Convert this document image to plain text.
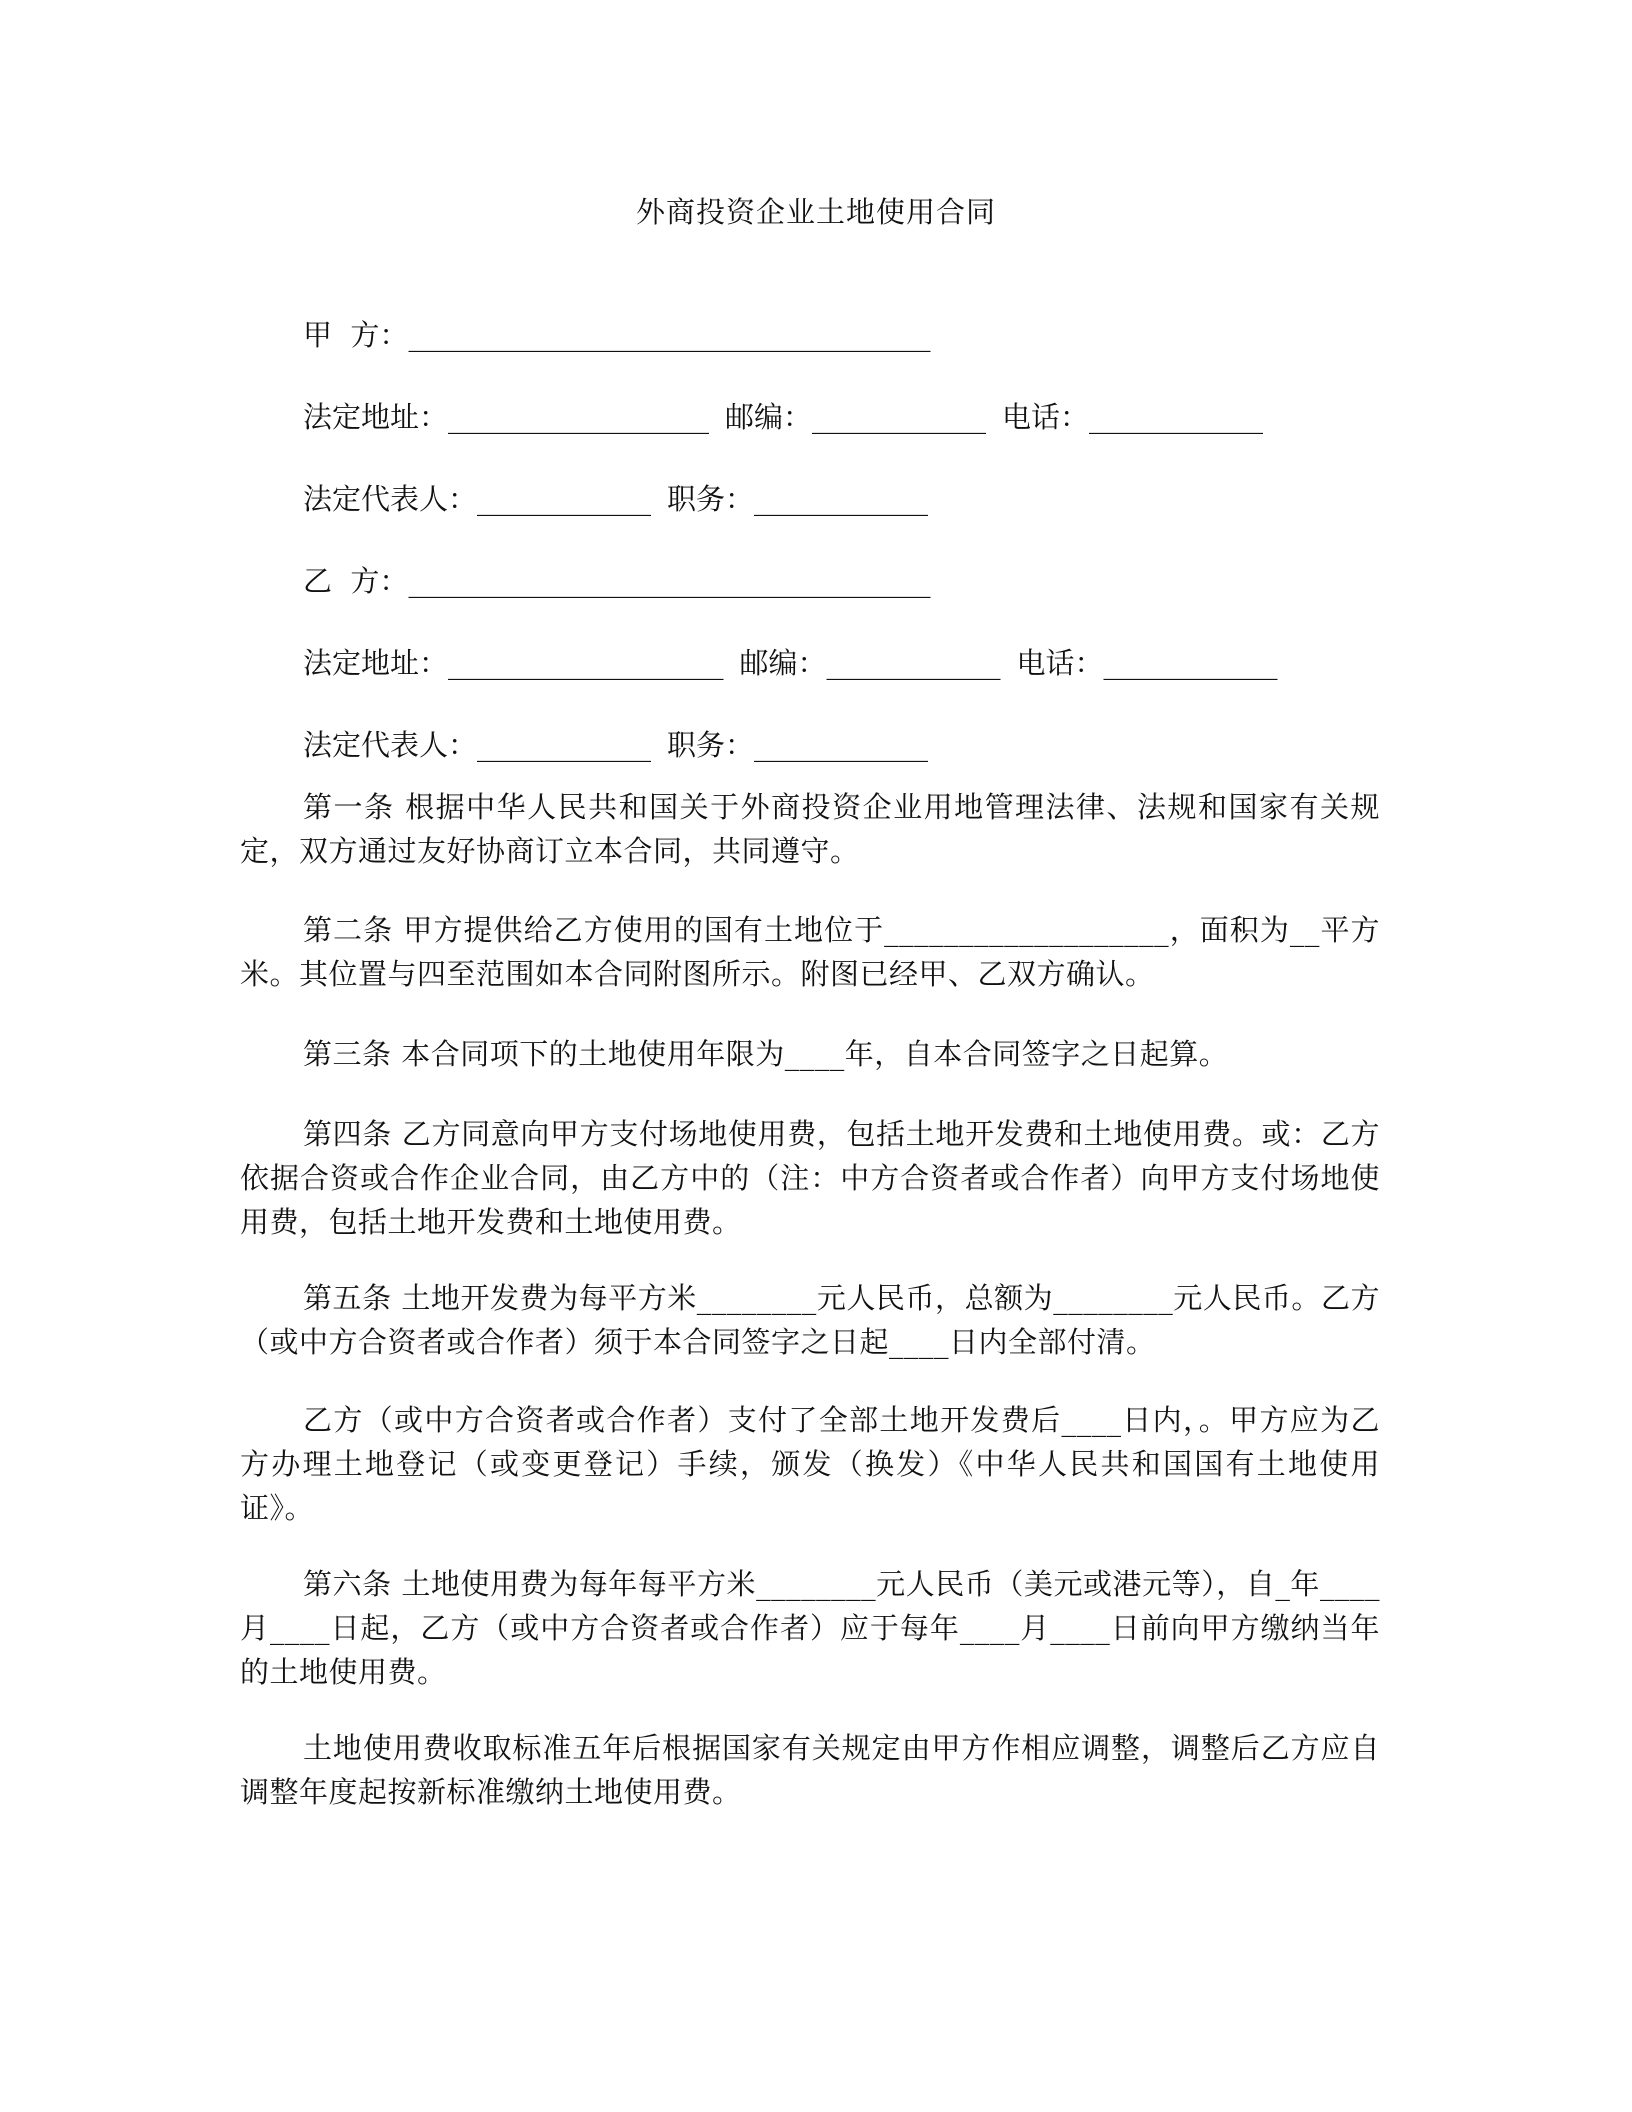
外商投资企业土地使用合同
甲  方：____________________________________
法定地址：__________________ 邮编：____________ 电话：____________
法定代表人：____________ 职务：____________
乙  方：____________________________________
法定地址：___________________ 邮编：____________ 电话：____________
法定代表人：____________ 职务：____________

第一条 根据中华人民共和国关于外商投资企业用地管理法律、法规和国家有关规定，双方通过友好协商订立本合同，共同遵守。

第二条 甲方提供给乙方使用的国有土地位于___________________，面积为__平方米。其位置与四至范围如本合同附图所示。附图已经甲、乙双方确认。

第三条 本合同项下的土地使用年限为____年，自本合同签字之日起算。

第四条 乙方同意向甲方支付场地使用费，包括土地开发费和土地使用费。或：乙方依据合资或合作企业合同，由乙方中的（注：中方合资者或合作者）向甲方支付场地使用费，包括土地开发费和土地使用费。

第五条 土地开发费为每平方米________元人民币，总额为________元人民币。乙方（或中方合资者或合作者）须于本合同签字之日起____日内全部付清。

乙方（或中方合资者或合作者）支付了全部土地开发费后____日内，。甲方应为乙方办理土地登记（或变更登记）手续，颁发（换发）《中华人民共和国国有土地使用证》。

第六条 土地使用费为每年每平方米________元人民币（美元或港元等），自_年____月____日起，乙方（或中方合资者或合作者）应于每年____月____日前向甲方缴纳当年的土地使用费。

土地使用费收取标准五年后根据国家有关规定由甲方作相应调整，调整后乙方应自调整年度起按新标准缴纳土地使用费。
